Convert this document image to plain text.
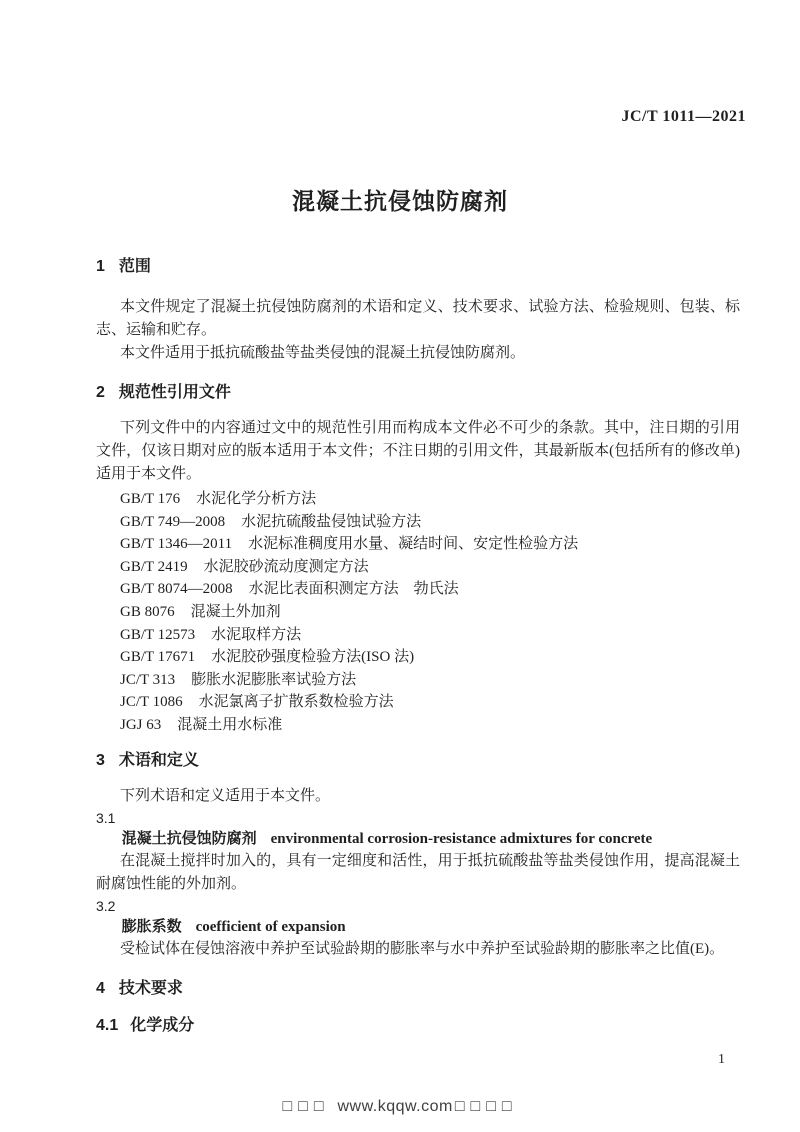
JC/T 1011—2021
混凝土抗侵蚀防腐剂
1 范围

本文件规定了混凝土抗侵蚀防腐剂的术语和定义、技术要求、试验方法、检验规则、包装、标志、运输和贮存。

本文件适用于抵抗硫酸盐等盐类侵蚀的混凝土抗侵蚀防腐剂。

2 规范性引用文件

下列文件中的内容通过文中的规范性引用而构成本文件必不可少的条款。其中，注日期的引用文件，仅该日期对应的版本适用于本文件；不注日期的引用文件，其最新版本(包括所有的修改单)适用于本文件。

GB/T 176 水泥化学分析方法
GB/T 749—2008 水泥抗硫酸盐侵蚀试验方法
GB/T 1346—2011 水泥标准稠度用水量、凝结时间、安定性检验方法
GB/T 2419 水泥胶砂流动度测定方法
GB/T 8074—2008 水泥比表面积测定方法　勃氏法
GB 8076 混凝土外加剂
GB/T 12573 水泥取样方法
GB/T 17671 水泥胶砂强度检验方法(ISO 法)
JC/T 313 膨胀水泥膨胀率试验方法
JC/T 1086 水泥氯离子扩散系数检验方法
JGJ 63 混凝土用水标准
3 术语和定义

下列术语和定义适用于本文件。

3.1
混凝土抗侵蚀防腐剂 environmental corrosion-resistance admixtures for concrete

在混凝土搅拌时加入的，具有一定细度和活性，用于抵抗硫酸盐等盐类侵蚀作用，提高混凝土耐腐蚀性能的外加剂。

3.2
膨胀系数 coefficient of expansion

受检试体在侵蚀溶液中养护至试验龄期的膨胀率与水中养护至试验龄期的膨胀率之比值(E)。

4 技术要求
4.1 化学成分
1
□□□ www.kqqw.com □□□□
